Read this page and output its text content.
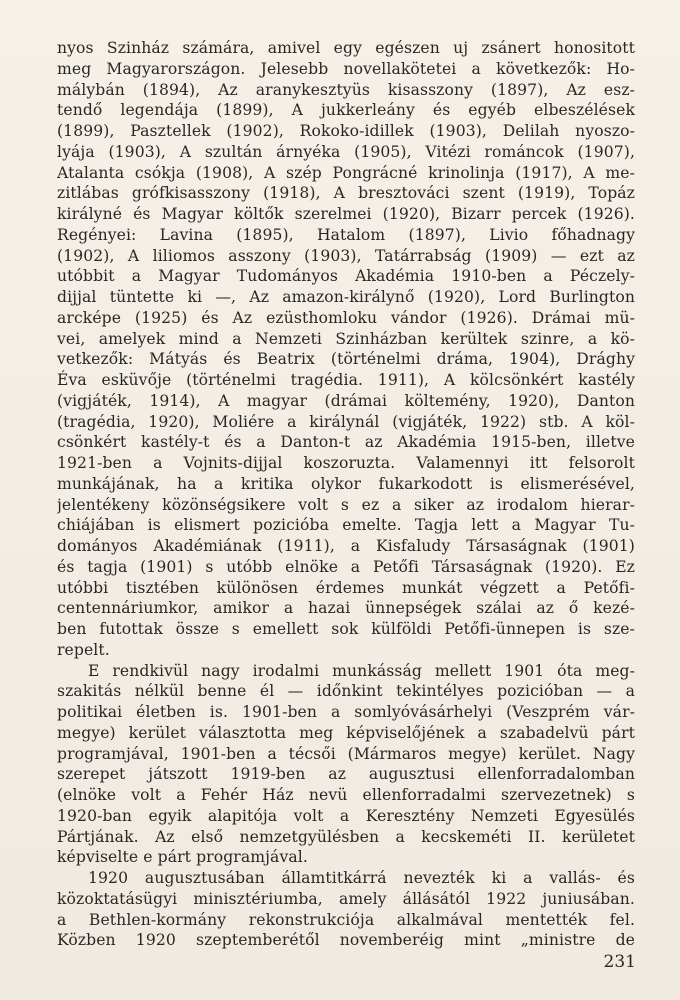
nyos Szinház számára, amivel egy egészen uj zsánert honositott
meg Magyarországon. Jelesebb novellakötetei a következők: Ho-
málybán (1894), Az aranykesztyüs kisasszony (1897), Az esz-
tendő legendája (1899), A jukkerleány és egyéb elbeszélések
(1899), Pasztellek (1902), Rokoko-idillek (1903), Delilah nyoszo-
lyája (1903), A szultán árnyéka (1905), Vitézi románcok (1907),
Atalanta csókja (1908), A szép Pongrácné krinolinja (1917), A me-
zitlábas grófkisasszony (1918), A bresztováci szent (1919), Topáz
királyné és Magyar költők szerelmei (1920), Bizarr percek (1926).
Regényei: Lavina (1895), Hatalom (1897), Livio főhadnagy
(1902), A liliomos asszony (1903), Tatárrabság (1909) — ezt az
utóbbit a Magyar Tudományos Akadémia 1910-ben a Péczely-
dijjal tüntette ki —, Az amazon-királynő (1920), Lord Burlington
arcképe (1925) és Az ezüsthomloku vándor (1926). Drámai mü-
vei, amelyek mind a Nemzeti Szinházban kerültek szinre, a kö-
vetkezők: Mátyás és Beatrix (történelmi dráma, 1904), Drághy
Éva esküvője (történelmi tragédia. 1911), A kölcsönkért kastély
(vigjáték, 1914), A magyar (drámai költemény, 1920), Danton
(tragédia, 1920), Moliére a királynál (vigjáték, 1922) stb. A köl-
csönkért kastély-t és a Danton-t az Akadémia 1915-ben, illetve
1921-ben a Vojnits-dijjal koszoruzta. Valamennyi itt felsorolt
munkájának, ha a kritika olykor fukarkodott is elismerésével,
jelentékeny közönségsikere volt s ez a siker az irodalom hierar-
chiájában is elismert pozicióba emelte. Tagja lett a Magyar Tu-
dományos Akadémiának (1911), a Kisfaludy Társaságnak (1901)
és tagja (1901) s utóbb elnöke a Petőfi Társaságnak (1920). Ez
utóbbi tisztében különösen érdemes munkát végzett a Petőfi-
centennáriumkor, amikor a hazai ünnepségek szálai az ő kezé-
ben futottak össze s emellett sok külföldi Petőfi-ünnepen is sze-
repelt.
E rendkivül nagy irodalmi munkásság mellett 1901 óta meg-
szakitás nélkül benne él — időnkint tekintélyes pozicióban — a
politikai életben is. 1901-ben a somlyóvásárhelyi (Veszprém vár-
megye) kerület választotta meg képviselőjének a szabadelvü párt
programjával, 1901-ben a técsői (Mármaros megye) kerület. Nagy
szerepet játszott 1919-ben az augusztusi ellenforradalomban
(elnöke volt a Fehér Ház nevü ellenforradalmi szervezetnek) s
1920-ban egyik alapitója volt a Keresztény Nemzeti Egyesülés
Pártjának. Az első nemzetgyülésben a kecskeméti II. kerületet
képviselte e párt programjával.
1920 augusztusában államtitkárrá nevezték ki a vallás- és
közoktatásügyi minisztériumba, amely állásától 1922 juniusában.
a Bethlen-kormány rekonstrukciója alkalmával mentették fel.
Közben 1920 szeptemberétől novemberéig mint „ministre de
231
